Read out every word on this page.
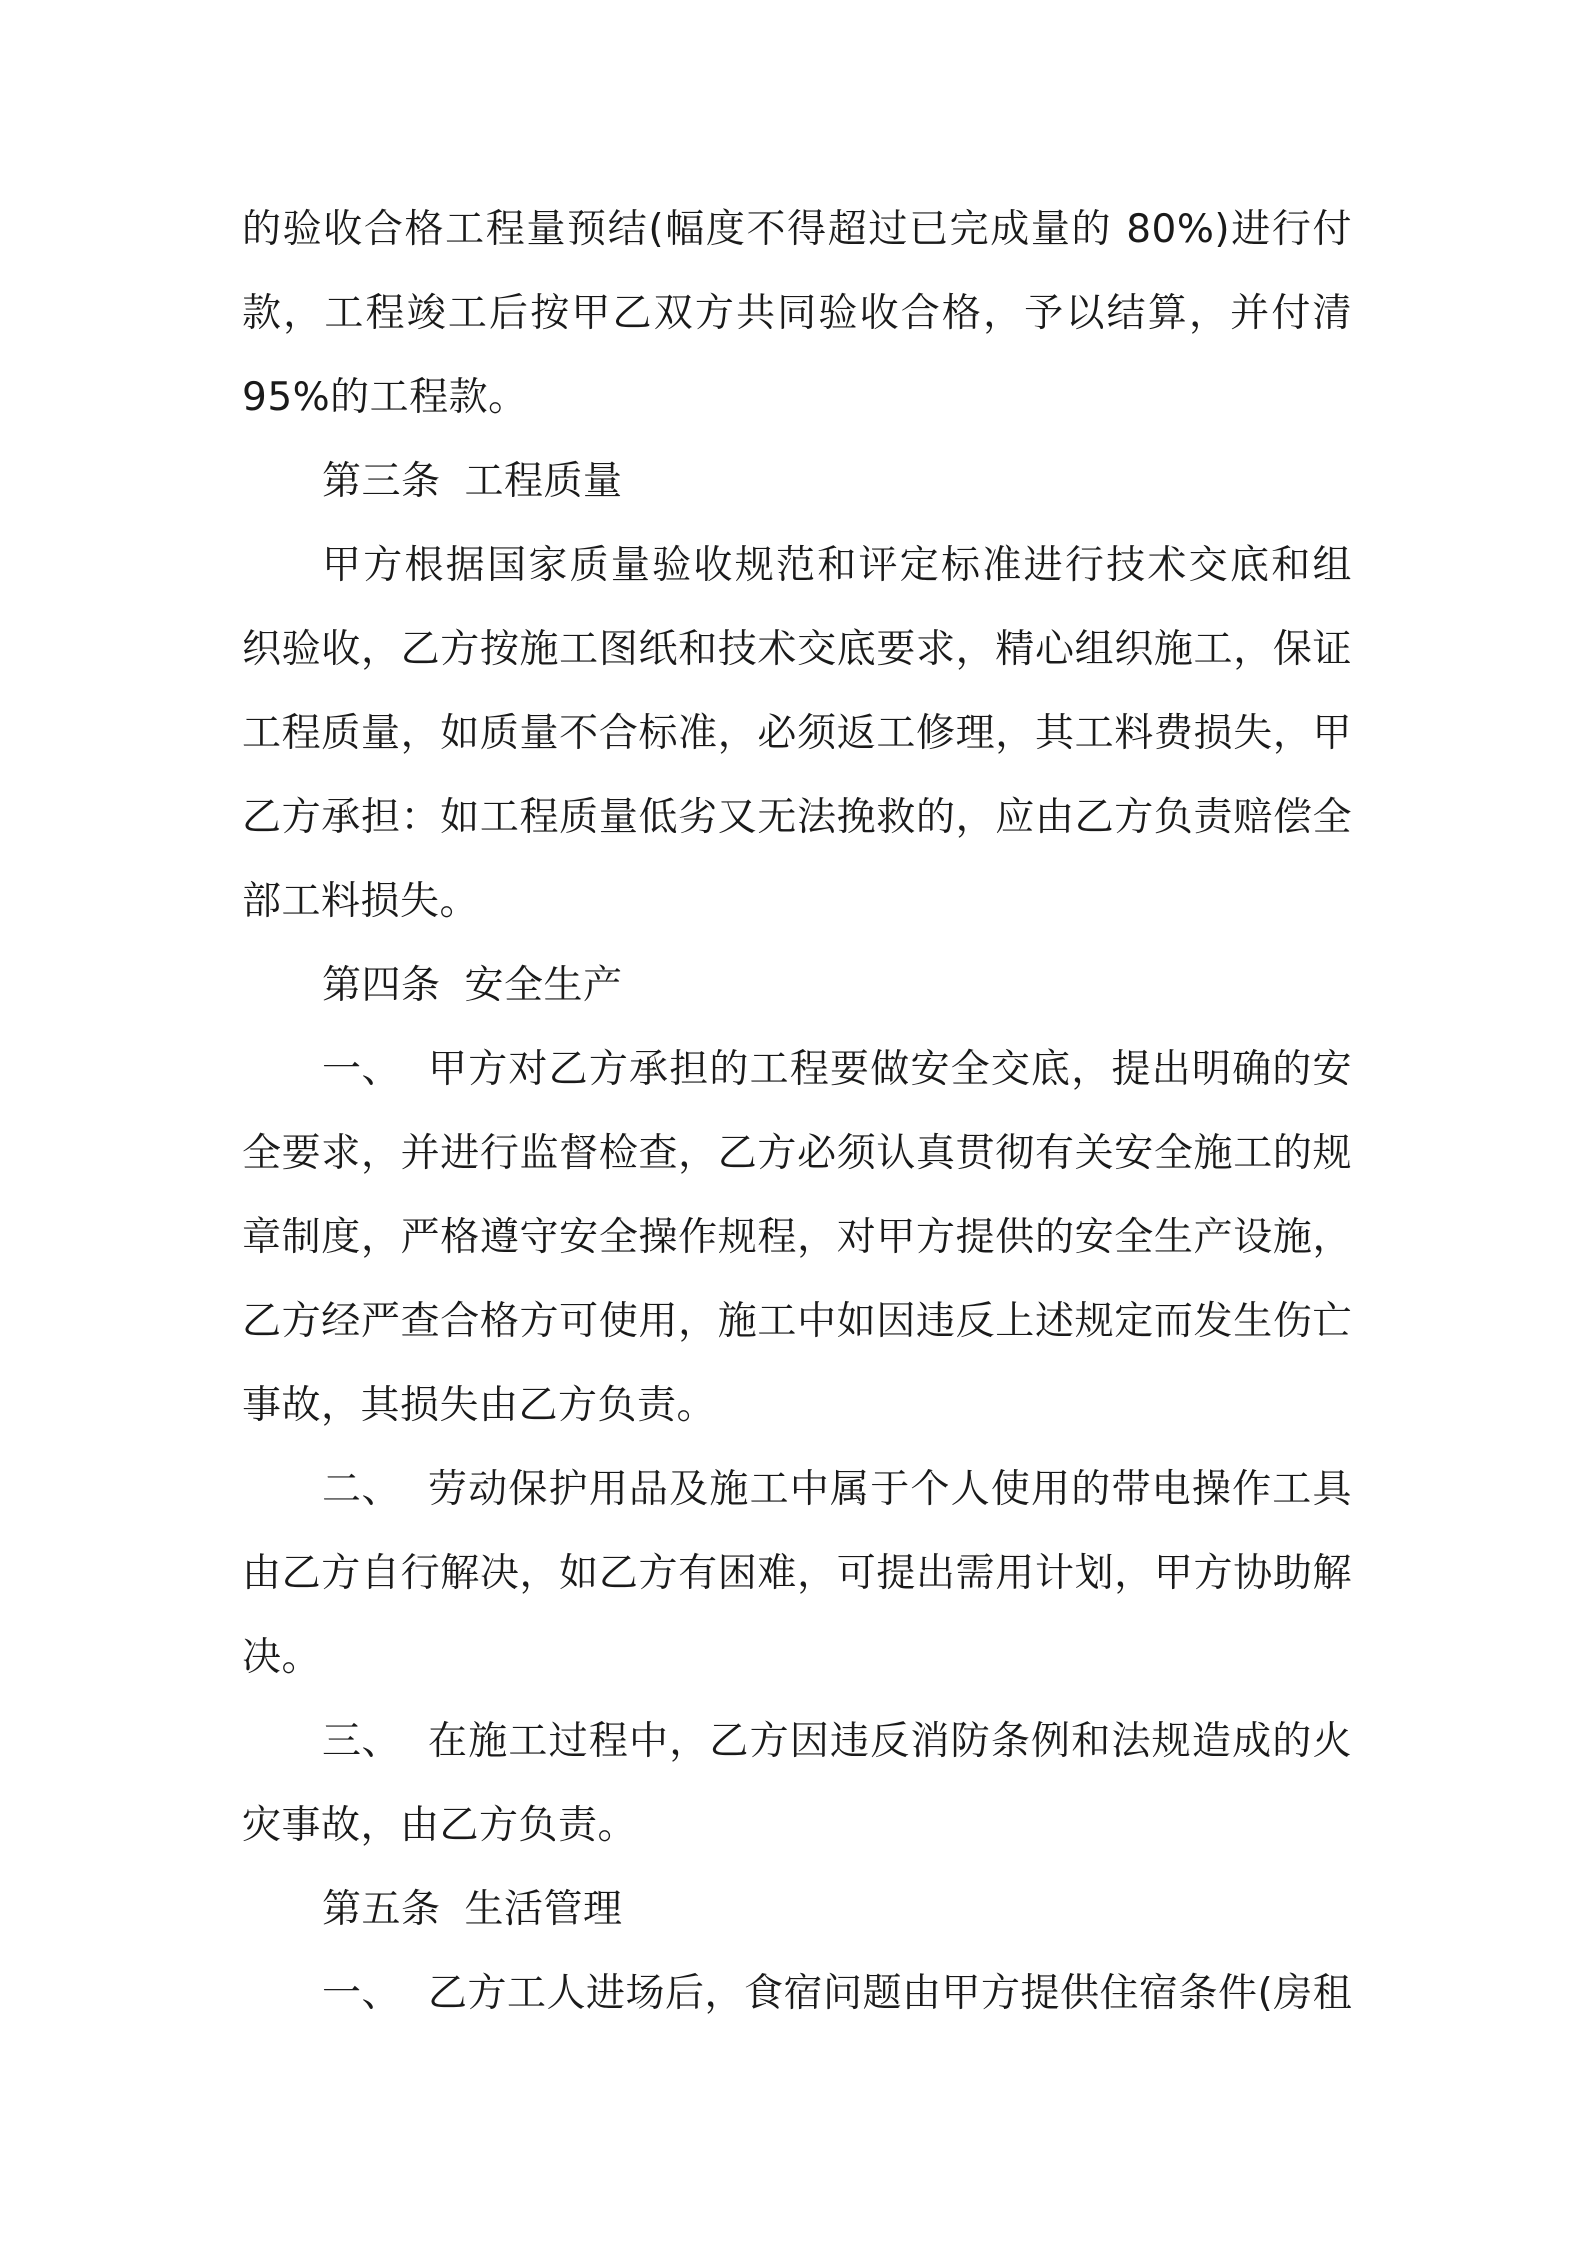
的验收合格工程量预结(幅度不得超过已完成量的 80%)进行付
款，工程竣工后按甲乙双方共同验收合格，予以结算，并付清
95%的工程款。
第三条 工程质量
甲方根据国家质量验收规范和评定标准进行技术交底和组
织验收，乙方按施工图纸和技术交底要求，精心组织施工，保证
工程质量，如质量不合标准，必须返工修理，其工料费损失，甲
乙方承担：如工程质量低劣又无法挽救的，应由乙方负责赔偿全
部工料损失。
第四条 安全生产
一、 甲方对乙方承担的工程要做安全交底，提出明确的安
全要求，并进行监督检查，乙方必须认真贯彻有关安全施工的规
章制度，严格遵守安全操作规程，对甲方提供的安全生产设施，
乙方经严查合格方可使用，施工中如因违反上述规定而发生伤亡
事故，其损失由乙方负责。
二、 劳动保护用品及施工中属于个人使用的带电操作工具
由乙方自行解决，如乙方有困难，可提出需用计划，甲方协助解
决。
三、 在施工过程中，乙方因违反消防条例和法规造成的火
灾事故，由乙方负责。
第五条 生活管理
一、 乙方工人进场后，食宿问题由甲方提供住宿条件(房租
